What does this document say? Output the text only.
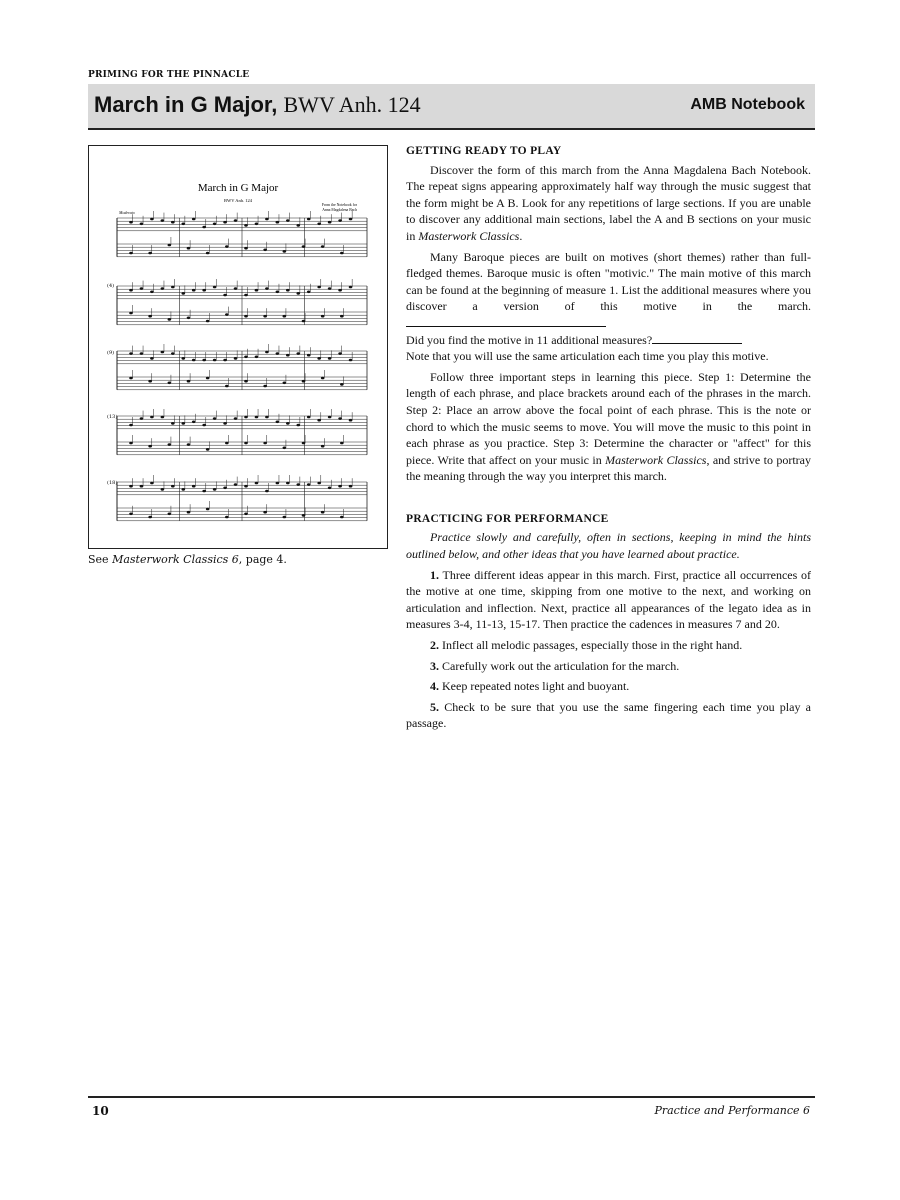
PRIMING FOR THE PINNACLE
March in G Major, BWV Anh. 124	AMB Notebook
March in G Major
BWV Anh. 124
From the Notebook for
Anna Magdalena Bach
Moderato
(4)
(9)
(13)
(18)
See Masterwork Classics 6, page 4.
GETTING READY TO PLAY

Discover the form of this march from the Anna Magdalena Bach Notebook. The repeat signs appearing approximately half way through the music suggest that the form might be A B. Look for any repetitions of large sections. If you are unable to discover any additional main sections, label the A and B sections on your music in Masterwork Classics.

Many Baroque pieces are built on motives (short themes) rather than full-fledged themes. Baroque music is often "motivic." The main motive of this march can be found at the beginning of measure 1. List the additional measures where you discover a version of this motive in the march.
Did you find the motive in 11 additional measures?
Note that you will use the same articulation each time you play this motive.

Follow three important steps in learning this piece. Step 1: Determine the length of each phrase, and place brackets around each of the phrases in the march. Step 2: Place an arrow above the focal point of each phrase. This is the note or chord to which the music seems to move. You will move the music to this point in each phrase as you practice. Step 3: Determine the character or "affect" for this piece. Write that affect on your music in Masterwork Classics, and strive to portray the meaning through the way you interpret this march.

PRACTICING FOR PERFORMANCE

Practice slowly and carefully, often in sections, keeping in mind the hints outlined below, and other ideas that you have learned about practice.

1. Three different ideas appear in this march. First, practice all occurrences of the motive at one time, skipping from one motive to the next, and working on articulation and inflection. Next, practice all appearances of the legato idea as in measures 3-4, 11-13, 15-17. Then practice the cadences in measures 7 and 20.

2. Inflect all melodic passages, especially those in the right hand.

3. Carefully work out the articulation for the march.

4. Keep repeated notes light and buoyant.

5. Check to be sure that you use the same fingering each time you play a passage.

10	Practice and Performance 6
